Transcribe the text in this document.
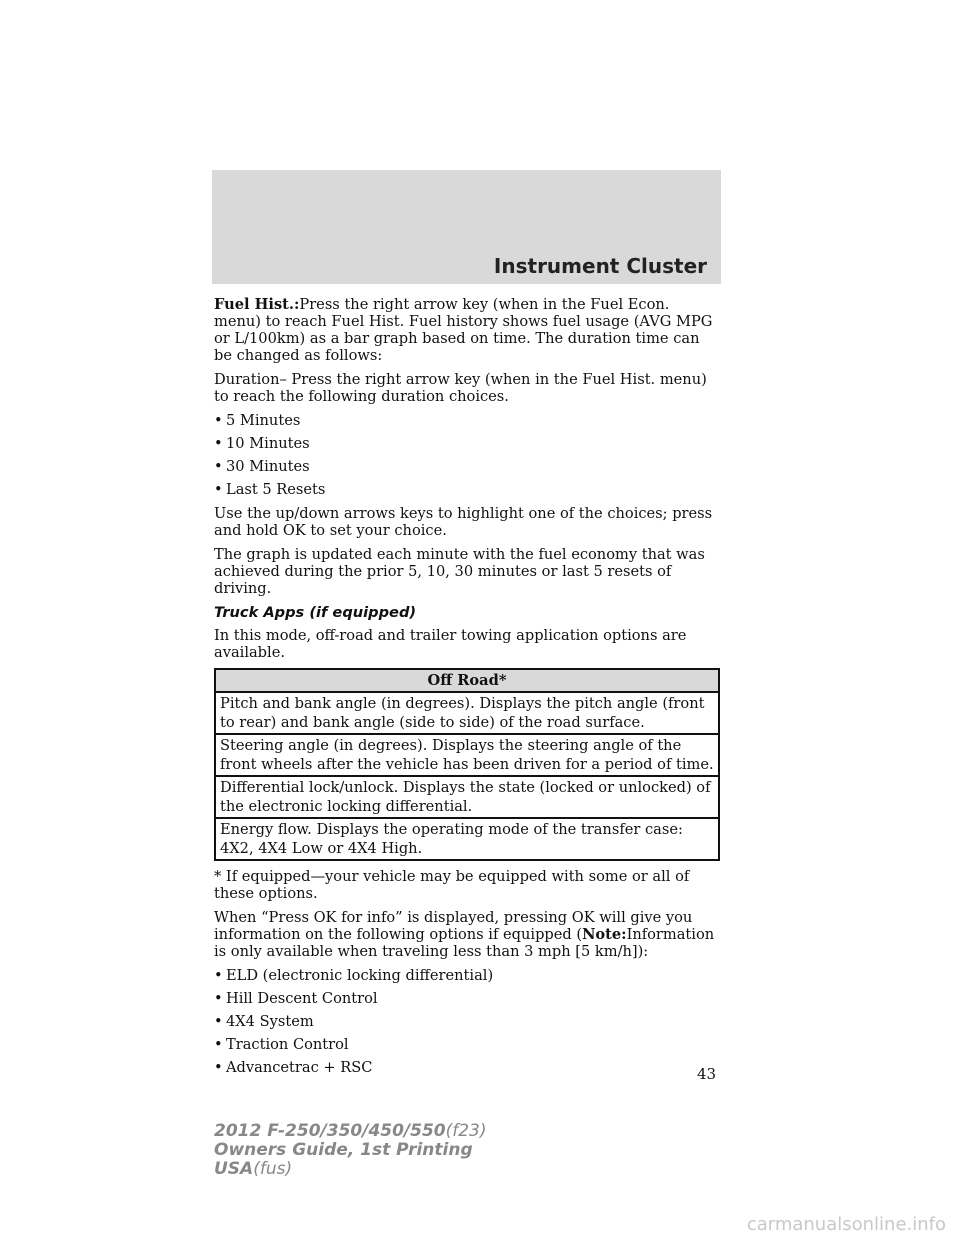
Instrument Cluster

Fuel Hist.:Press the right arrow key (when in the Fuel Econ. menu) to reach Fuel Hist. Fuel history shows fuel usage (AVG MPG or L/100km) as a bar graph based on time. The duration time can be changed as follows:

Duration– Press the right arrow key (when in the Fuel Hist. menu) to reach the following duration choices.

• 5 Minutes
• 10 Minutes
• 30 Minutes
• Last 5 Resets

Use the up/down arrows keys to highlight one of the choices; press and hold OK to set your choice.

The graph is updated each minute with the fuel economy that was achieved during the prior 5, 10, 30 minutes or last 5 resets of driving.

Truck Apps (if equipped)

In this mode, off-road and trailer towing application options are available.

Off Road*
Pitch and bank angle (in degrees). Displays the pitch angle (front to rear) and bank angle (side to side) of the road surface.
Steering angle (in degrees). Displays the steering angle of the front wheels after the vehicle has been driven for a period of time.
Differential lock/unlock. Displays the state (locked or unlocked) of the electronic locking differential.
Energy flow. Displays the operating mode of the transfer case: 4X2, 4X4 Low or 4X4 High.

* If equipped—your vehicle may be equipped with some or all of these options.

When “Press OK for info” is displayed, pressing OK will give you information on the following options if equipped (Note:Information is only available when traveling less than 3 mph [5 km/h]):

• ELD (electronic locking differential)
• Hill Descent Control
• 4X4 System
• Traction Control
• Advancetrac + RSC	43
2012 F-250/350/450/550(f23)
Owners Guide, 1st Printing
USA(fus)
carmanualsonline.info
